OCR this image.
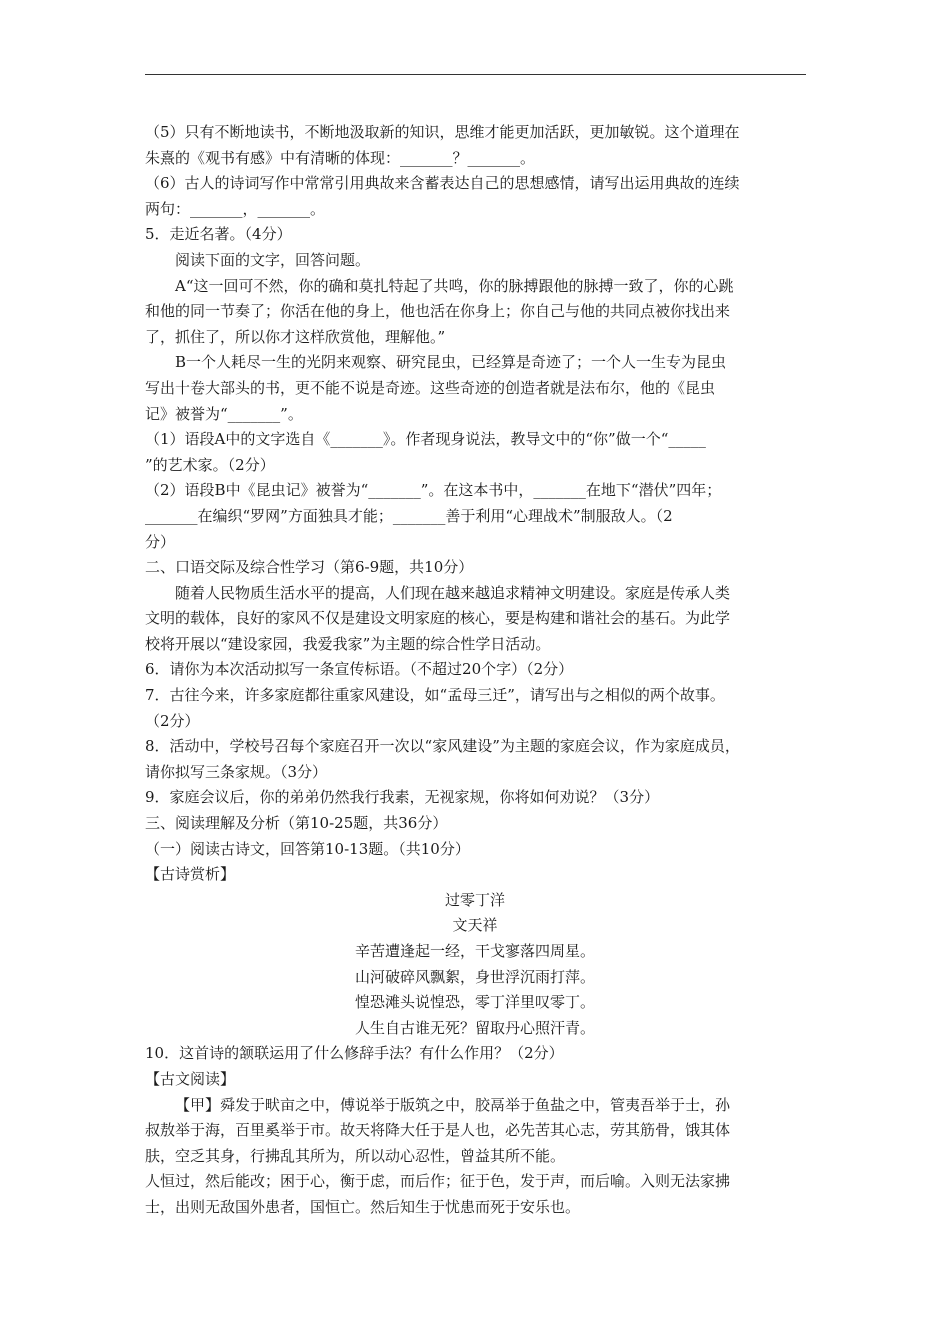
（5）只有不断地读书，不断地汲取新的知识，思维才能更加活跃，更加敏锐。这个道理在
朱熹的《观书有感》中有清晰的体现：_______？_______。
（6）古人的诗词写作中常常引用典故来含蓄表达自己的思想感情，请写出运用典故的连续
两句：_______，_______。
5．走近名著。（4分）
阅读下面的文字，回答问题。
A“这一回可不然，你的确和莫扎特起了共鸣，你的脉搏跟他的脉搏一致了，你的心跳
和他的同一节奏了；你活在他的身上，他也活在你身上；你自己与他的共同点被你找出来
了，抓住了，所以你才这样欣赏他，理解他。”
B一个人耗尽一生的光阴来观察、研究昆虫，已经算是奇迹了；一个人一生专为昆虫
写出十卷大部头的书，更不能不说是奇迹。这些奇迹的创造者就是法布尔，他的《昆虫
记》被誉为“_______”。
（1）语段A中的文字选自《_______》。作者现身说法，教导文中的“你”做一个“_____
”的艺术家。（2分）
（2）语段B中《昆虫记》被誉为“_______”。在这本书中，_______在地下“潜伏”四年；
_______在编织“罗网”方面独具才能；_______善于利用“心理战术”制服敌人。（2
分）
二、口语交际及综合性学习（第6-9题，共10分）
随着人民物质生活水平的提高，人们现在越来越追求精神文明建设。家庭是传承人类
文明的载体，良好的家风不仅是建设文明家庭的核心，要是构建和谐社会的基石。为此学
校将开展以“建设家园，我爱我家”为主题的综合性学日活动。
6．请你为本次活动拟写一条宣传标语。（不超过20个字）（2分）
7．古往今来，许多家庭都往重家风建设，如“孟母三迁”，请写出与之相似的两个故事。
（2分）
8．活动中，学校号召每个家庭召开一次以“家风建设”为主题的家庭会议，作为家庭成员，
请你拟写三条家规。（3分）
9．家庭会议后，你的弟弟仍然我行我素，无视家规，你将如何劝说？（3分）
三、阅读理解及分析（第10-25题，共36分）
（一）阅读古诗文，回答第10-13题。（共10分）
【古诗赏析】
过零丁洋
文天祥
辛苦遭逢起一经，干戈寥落四周星。
山河破碎风飘絮，身世浮沉雨打萍。
惶恐滩头说惶恐，零丁洋里叹零丁。
人生自古谁无死？留取丹心照汗青。
10．这首诗的颔联运用了什么修辞手法？有什么作用？（2分）
【古文阅读】
【甲】舜发于畎亩之中，傅说举于版筑之中，胶鬲举于鱼盐之中，管夷吾举于士，孙
叔敖举于海，百里奚举于市。故天将降大任于是人也，必先苦其心志，劳其筋骨，饿其体
肤，空乏其身，行拂乱其所为，所以动心忍性，曾益其所不能。
人恒过，然后能改；困于心，衡于虑，而后作；征于色，发于声，而后喻。入则无法家拂
士，出则无敌国外患者，国恒亡。然后知生于忧患而死于安乐也。
